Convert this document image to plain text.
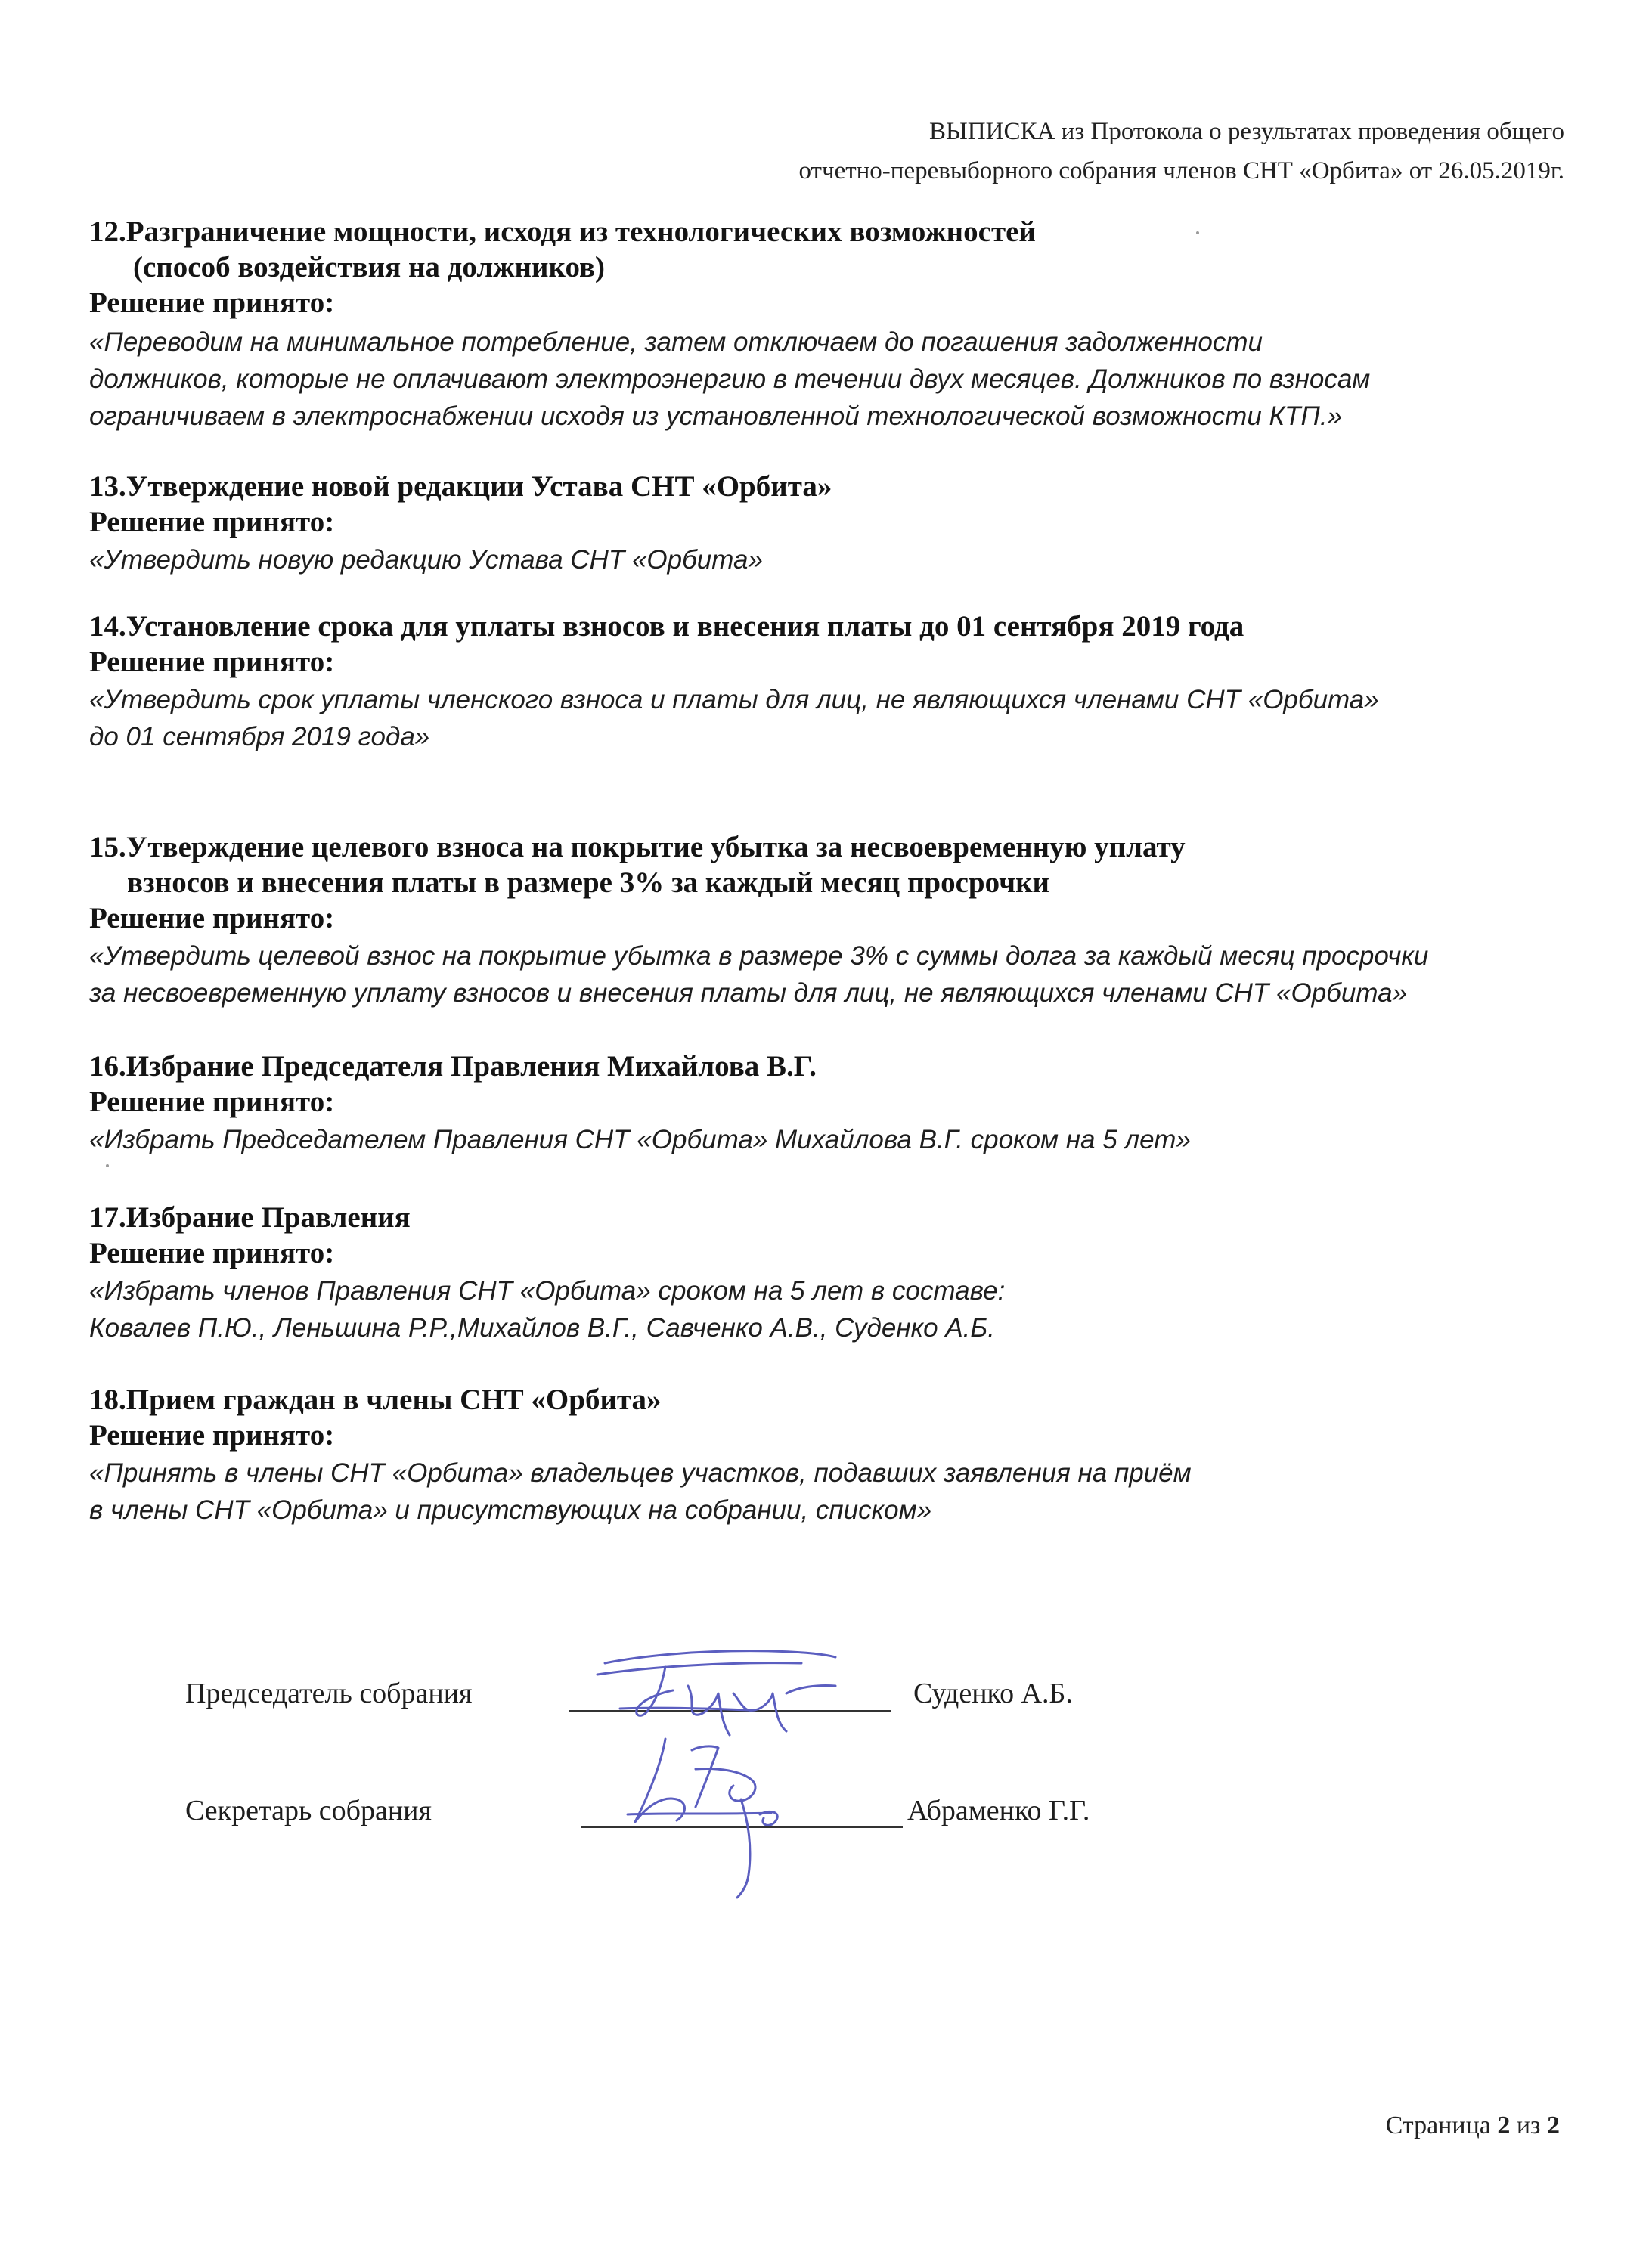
ВЫПИСКА из Протокола о результатах проведения общего
отчетно-перевыборного собрания членов СНТ «Орбита» от 26.05.2019г.
12.Разграничение мощности, исходя из технологических возможностей
(способ воздействия на должников)
Решение принято:
«Переводим на минимальное потребление, затем отключаем до погашения задолженности
должников, которые не оплачивают электроэнергию в течении двух месяцев. Должников по взносам
ограничиваем в электроснабжении исходя из установленной технологической возможности КТП.»
13.Утверждение новой редакции Устава СНТ «Орбита»
Решение принято:
«Утвердить новую редакцию Устава СНТ «Орбита»
14.Установление срока для уплаты взносов и внесения платы до 01 сентября 2019 года
Решение принято:
«Утвердить срок уплаты членского взноса и платы для лиц, не являющихся членами СНТ «Орбита»
до 01 сентября 2019 года»
15.Утверждение целевого взноса на покрытие убытка за несвоевременную уплату
взносов и внесения платы в размере 3% за каждый месяц просрочки
Решение принято:
«Утвердить целевой взнос на покрытие убытка в размере 3% с суммы долга за каждый месяц просрочки
за несвоевременную уплату взносов и внесения платы для лиц, не являющихся членами СНТ «Орбита»
16.Избрание Председателя Правления Михайлова В.Г.
Решение принято:
«Избрать Председателем Правления СНТ «Орбита» Михайлова В.Г. сроком на 5 лет»
17.Избрание Правления
Решение принято:
«Избрать членов Правления СНТ «Орбита» сроком на 5 лет в составе:
Ковалев П.Ю., Леньшина Р.Р.,Михайлов В.Г., Савченко А.В., Суденко А.Б.
18.Прием граждан в члены СНТ «Орбита»
Решение принято:
«Принять в члены СНТ «Орбита» владельцев участков, подавших заявления на приём
в члены СНТ «Орбита» и присутствующих на собрании, списком»
Председатель собрания	Суденко А.Б.
Секретарь собрания	Абраменко Г.Г.
Страница 2 из 2
